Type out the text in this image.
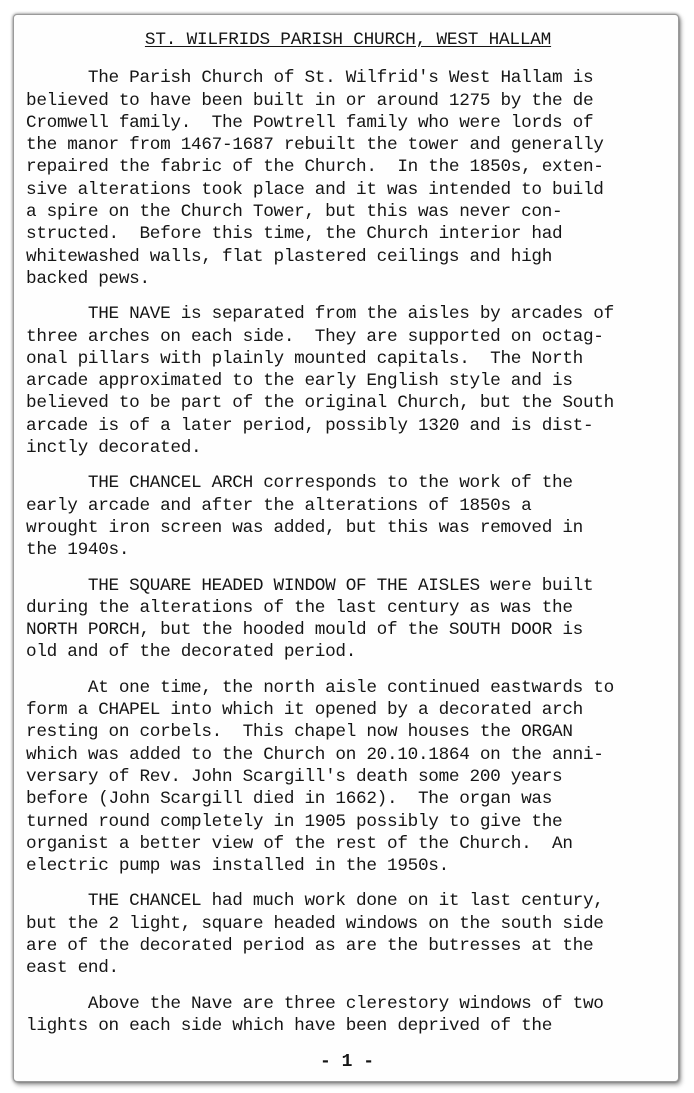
ST. WILFRIDS PARISH CHURCH, WEST HALLAM
The Parish Church of St. Wilfrid's West Hallam is
believed to have been built in or around 1275 by the de
Cromwell family.  The Powtrell family who were lords of
the manor from 1467-1687 rebuilt the tower and generally
repaired the fabric of the Church.  In the 1850s, exten-
sive alterations took place and it was intended to build
a spire on the Church Tower, but this was never con-
structed.  Before this time, the Church interior had
whitewashed walls, flat plastered ceilings and high
backed pews.
THE NAVE is separated from the aisles by arcades of
three arches on each side.  They are supported on octag-
onal pillars with plainly mounted capitals.  The North
arcade approximated to the early English style and is
believed to be part of the original Church, but the South
arcade is of a later period, possibly 1320 and is dist-
inctly decorated.
THE CHANCEL ARCH corresponds to the work of the
early arcade and after the alterations of 1850s a
wrought iron screen was added, but this was removed in
the 1940s.
THE SQUARE HEADED WINDOW OF THE AISLES were built
during the alterations of the last century as was the
NORTH PORCH, but the hooded mould of the SOUTH DOOR is
old and of the decorated period.
At one time, the north aisle continued eastwards to
form a CHAPEL into which it opened by a decorated arch
resting on corbels.  This chapel now houses the ORGAN
which was added to the Church on 20.10.1864 on the anni-
versary of Rev. John Scargill's death some 200 years
before (John Scargill died in 1662).  The organ was
turned round completely in 1905 possibly to give the
organist a better view of the rest of the Church.  An
electric pump was installed in the 1950s.
THE CHANCEL had much work done on it last century,
but the 2 light, square headed windows on the south side
are of the decorated period as are the butresses at the
east end.
Above the Nave are three clerestory windows of two
lights on each side which have been deprived of the
- 1 -
